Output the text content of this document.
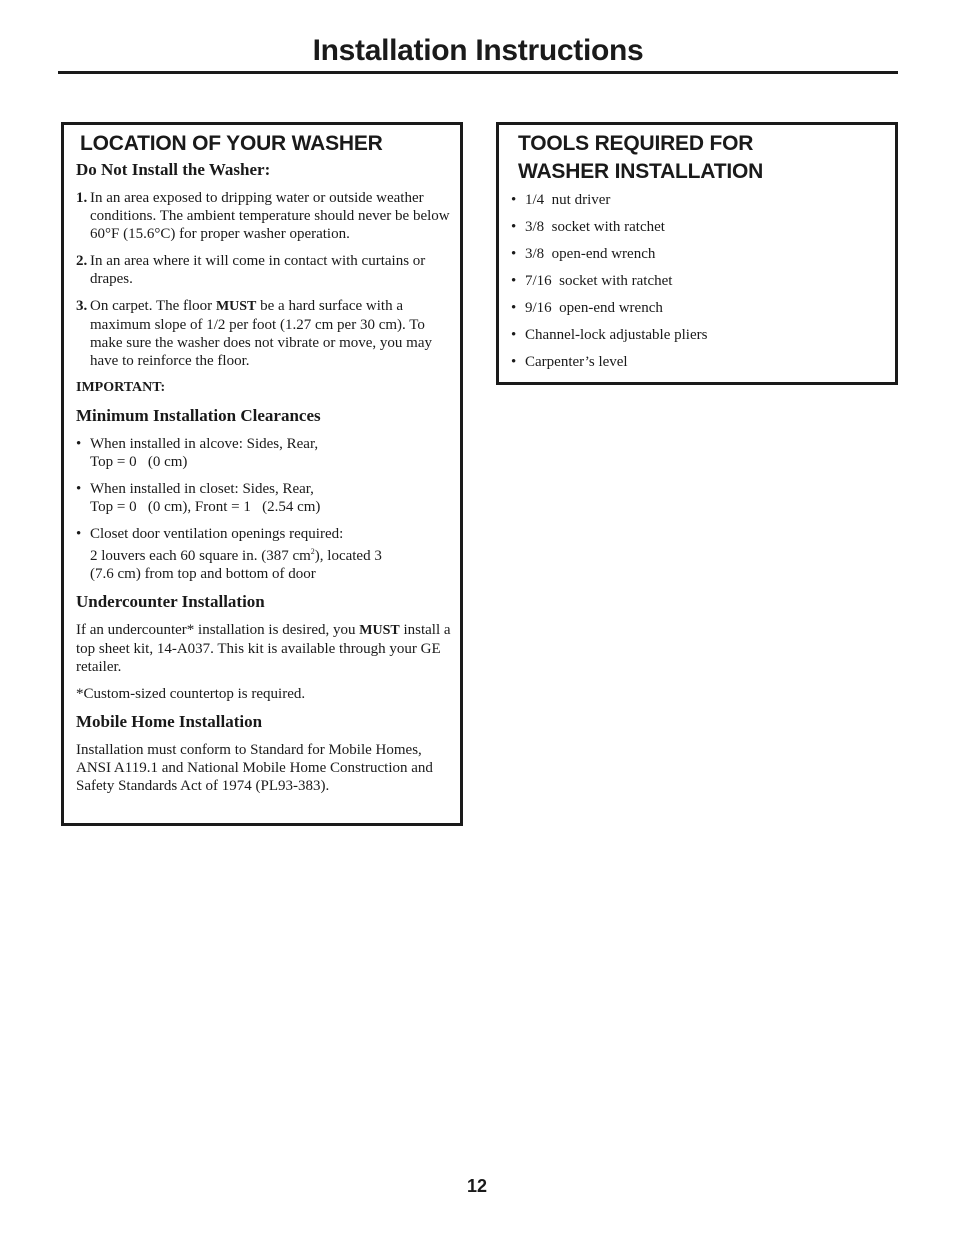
Installation Instructions
LOCATION OF YOUR WASHER
Do Not Install the Washer:
1. In an area exposed to dripping water or outside weather conditions. The ambient temperature should never be below 60°F (15.6°C) for proper washer operation.
2. In an area where it will come in contact with curtains or drapes.
3. On carpet. The floor MUST be a hard surface with a maximum slope of 1/2 per foot (1.27 cm per 30 cm). To make sure the washer does not vibrate or move, you may have to reinforce the floor.
IMPORTANT:
Minimum Installation Clearances
• When installed in alcove: Sides, Rear,
Top = 0   (0 cm)
• When installed in closet: Sides, Rear,
Top = 0   (0 cm), Front = 1   (2.54 cm)
• Closet door ventilation openings required:
2 louvers each 60 square in. (387 $cm^2$), located 3
(7.6 cm) from top and bottom of door
Undercounter Installation
If an undercounter* installation is desired, you MUST install a top sheet kit, 14-A037. This kit is available through your GE retailer.
*Custom-sized countertop is required.
Mobile Home Installation
Installation must conform to Standard for Mobile Homes, ANSI A119.1 and National Mobile Home Construction and Safety Standards Act of 1974 (PL93-383).
TOOLS REQUIRED FOR
WASHER INSTALLATION
• 1/4  nut driver
• 3/8  socket with ratchet
• 3/8  open-end wrench
• 7/16  socket with ratchet
• 9/16  open-end wrench
• Channel-lock adjustable pliers
• Carpenter’s level
12
